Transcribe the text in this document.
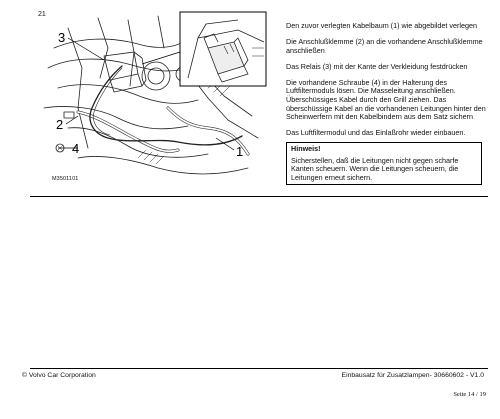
21
3
2
4	1
M3501101

Den zuvor verlegten Kabelbaum (1) wie abgebildet verlegen

Die Anschlußklemme (2) an die vorhandene Anschlußklemme anschließen

Das Relais (3) mit der Kante der Verkleidung festdrücken

Die vorhandene Schraube (4) in der Halterung des Luftfiltermoduls lösen. Die Masseleitung anschließen. Überschüssiges Kabel durch den Grill ziehen. Das überschüssige Kabel an die vorhandenen Leitungen hinter den Scheinwerfern mit den Kabelbindern aus dem Satz sichern

Das Luftfiltermodul und das Einlaßrohr wieder einbauen.

Hinweis!
Sicherstellen, daß die Leitungen nicht gegen scharfe Kanten scheuern. Wenn die Leitungen scheuern, die Leitungen erneut sichern.
© Volvo Car Corporation	Einbausatz für Zusatzlampen- 30660602 - V1.0
Seite 14 / 19
